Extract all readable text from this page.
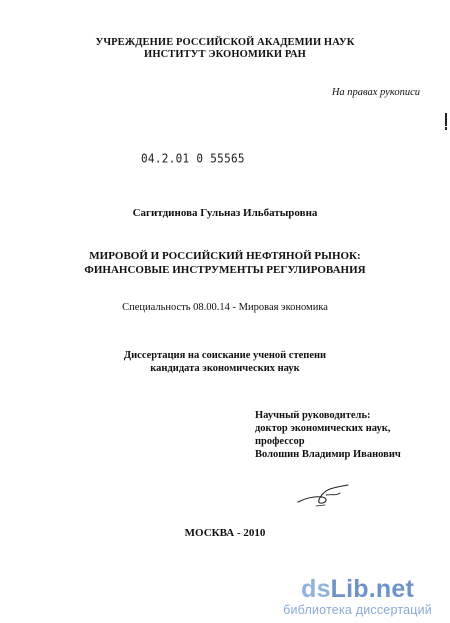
УЧРЕЖДЕНИЕ РОССИЙСКОЙ АКАДЕМИИ НАУК
ИНСТИТУТ ЭКОНОМИКИ РАН
На правах рукописи
04.2.01 0 55565
Сагитдинова Гульназ Ильбатыровна
МИРОВОЙ И РОССИЙСКИЙ НЕФТЯНОЙ РЫНОК:
ФИНАНСОВЫЕ ИНСТРУМЕНТЫ РЕГУЛИРОВАНИЯ
Специальность 08.00.14 - Мировая экономика
Диссертация на соискание ученой степени
кандидата экономических наук
Научный руководитель:
доктор экономических наук,
профессор
Волошин Владимир Иванович
МОСКВА - 2010
dsLib.net
библиотека диссертаций
